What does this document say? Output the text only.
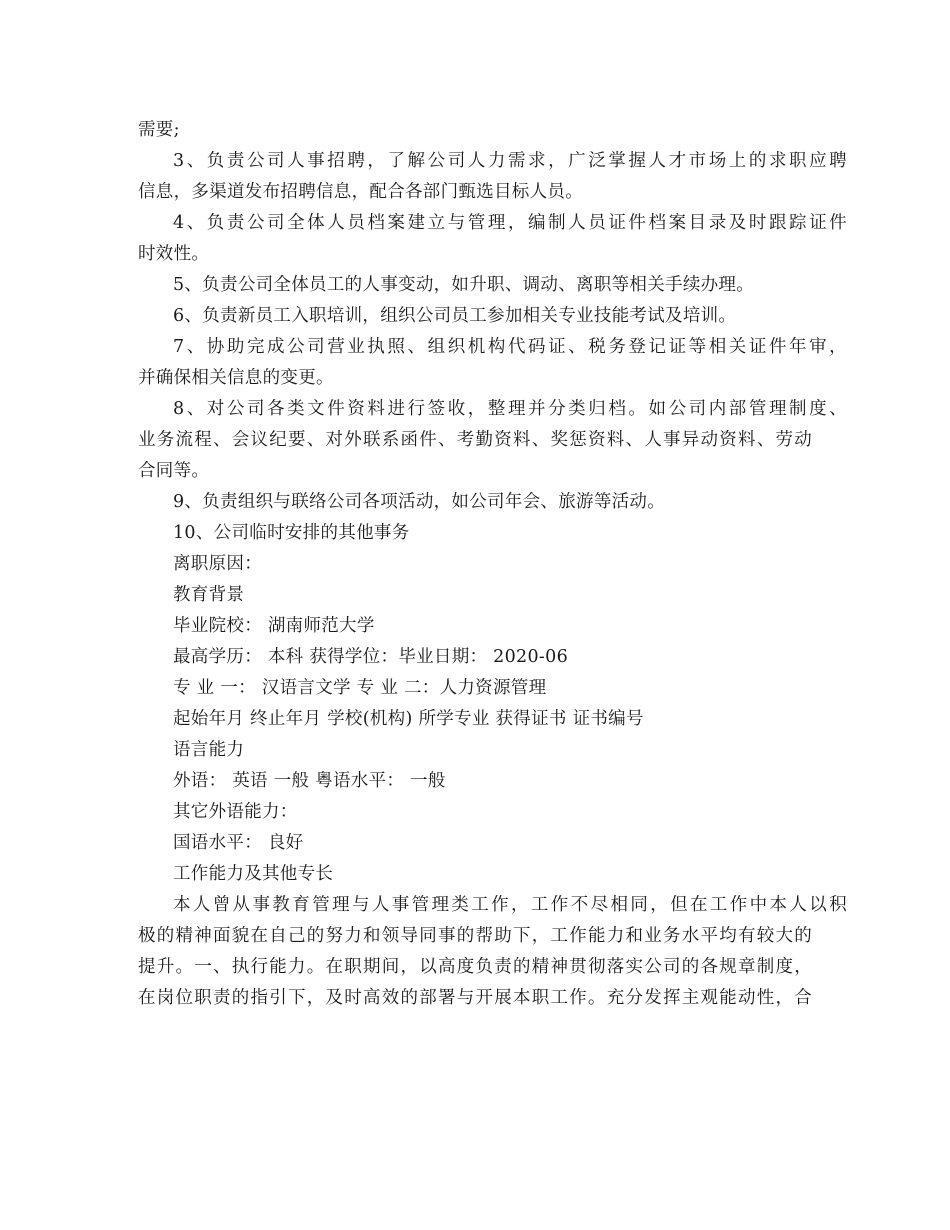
需要;
3、负责公司人事招聘，了解公司人力需求，广泛掌握人才市场上的求职应聘
信息，多渠道发布招聘信息，配合各部门甄选目标人员。
4、负责公司全体人员档案建立与管理，编制人员证件档案目录及时跟踪证件
时效性。
5、负责公司全体员工的人事变动，如升职、调动、离职等相关手续办理。
6、负责新员工入职培训，组织公司员工参加相关专业技能考试及培训。
7、协助完成公司营业执照、组织机构代码证、税务登记证等相关证件年审，
并确保相关信息的变更。
8、对公司各类文件资料进行签收，整理并分类归档。如公司内部管理制度、
业务流程、会议纪要、对外联系函件、考勤资料、奖惩资料、人事异动资料、劳动
合同等。
9、负责组织与联络公司各项活动，如公司年会、旅游等活动。
10、公司临时安排的其他事务
离职原因：
教育背景
毕业院校： 湖南师范大学
最高学历： 本科 获得学位：毕业日期： 2020-06
专 业 一： 汉语言文学 专 业 二：人力资源管理
起始年月 终止年月 学校(机构) 所学专业 获得证书 证书编号
语言能力
外语： 英语 一般 粤语水平： 一般
其它外语能力：
国语水平： 良好
工作能力及其他专长
本人曾从事教育管理与人事管理类工作，工作不尽相同，但在工作中本人以积
极的精神面貌在自己的努力和领导同事的帮助下，工作能力和业务水平均有较大的
提升。一、执行能力。在职期间，以高度负责的精神贯彻落实公司的各规章制度，
在岗位职责的指引下，及时高效的部署与开展本职工作。充分发挥主观能动性，合
